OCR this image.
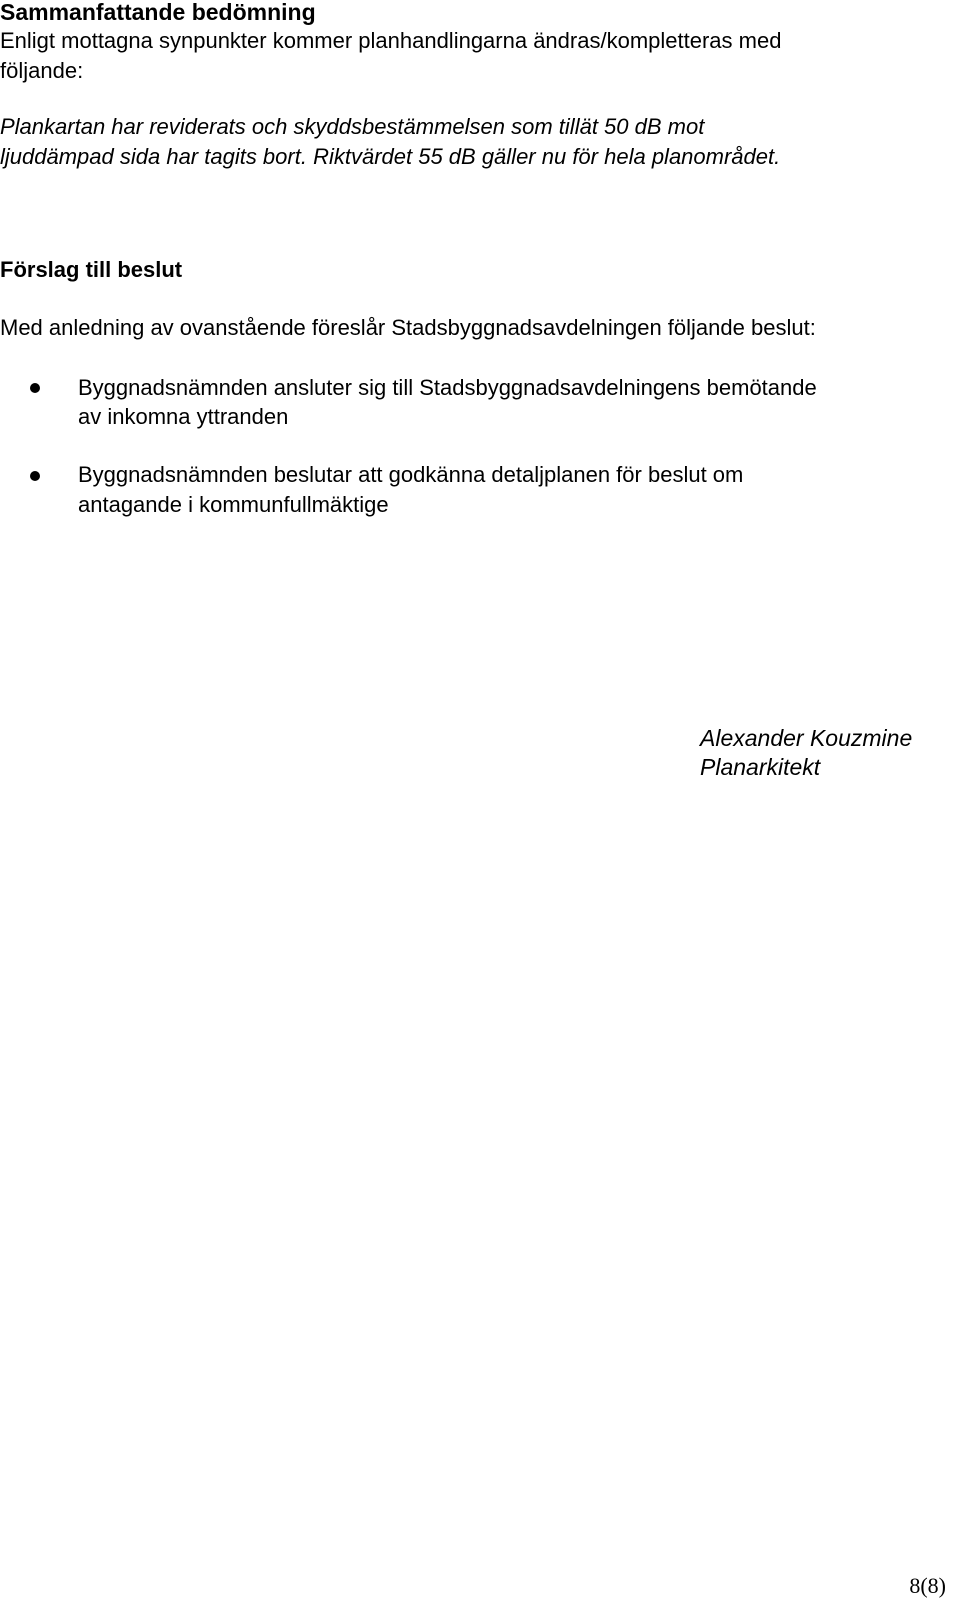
Sammanfattande bedömning

Enligt mottagna synpunkter kommer planhandlingarna ändras/kompletteras med

följande:

Plankartan har reviderats och skyddsbestämmelsen som tillät 50 dB mot

ljuddämpad sida har tagits bort. Riktvärdet 55 dB gäller nu för hela planområdet.

Förslag till beslut

Med anledning av ovanstående föreslår Stadsbyggnadsavdelningen följande beslut:

Byggnadsnämnden ansluter sig till Stadsbyggnadsavdelningens bemötande

av inkomna yttranden

Byggnadsnämnden beslutar att godkänna detaljplanen för beslut om

antagande i kommunfullmäktige

Alexander Kouzmine

Planarkitekt

8(8)
